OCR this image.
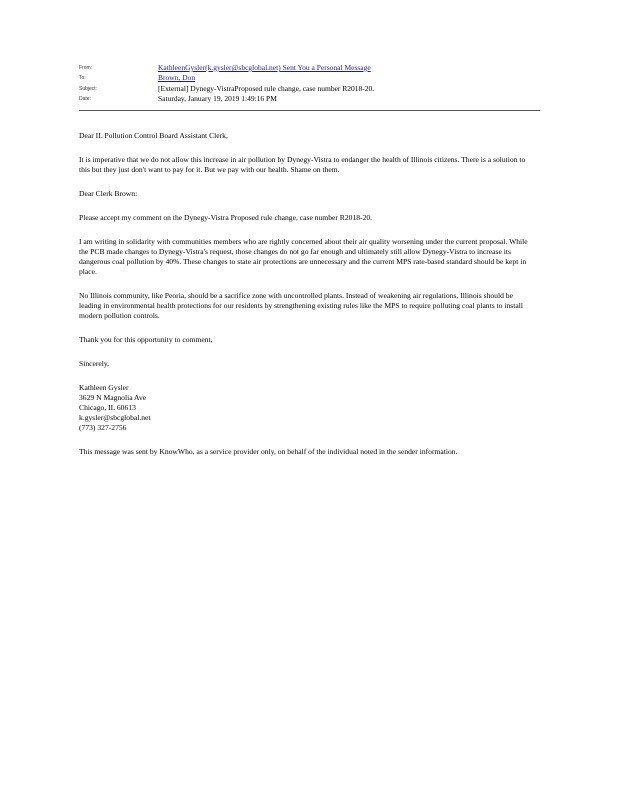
From:	KathleenGysler(k.gysler@sbcglobal.net) Sent You a Personal Message
To:	Brown, Don
Subject:	[External] Dynegy-VistraProposed rule change, case number R2018-20.
Date:	Saturday, January 19, 2019 1:49:16 PM

Dear IL Pollution Control Board Assistant Clerk,

It is imperative that we do not allow this increase in air pollution by Dynegy-Vistra to endanger the health of Illinois citizens. There is a solution to this but they just don't want to pay for it. But we pay with our health. Shame on them.

Dear Clerk Brown:

Please accept my comment on the Dynegy-Vistra Proposed rule change, case number R2018-20.

I am writing in solidarity with communities members who are rightly concerned about their air quality worsening under the current proposal. While the PCB made changes to Dynegy-Vistra's request, those changes do not go far enough and ultimately still allow Dynegy-Vistra to increase its dangerous coal pollution by 40%. These changes to state air protections are unnecessary and the current MPS rate-based standard should be kept in place.

No Illinois community, like Peoria, should be a sacrifice zone with uncontrolled plants. Instead of weakening air regulations, Illinois should be leading in environmental health protections for our residents by strengthening existing rules like the MPS to require polluting coal plants to install modern pollution controls.

Thank you for this opportunity to comment,

Sincerely,

Kathleen Gysler
3629 N Magnolia Ave
Chicago, IL 60613
k.gysler@sbcglobal.net
(773) 327-2756

This message was sent by KnowWho, as a service provider only, on behalf of the individual noted in the sender information.
